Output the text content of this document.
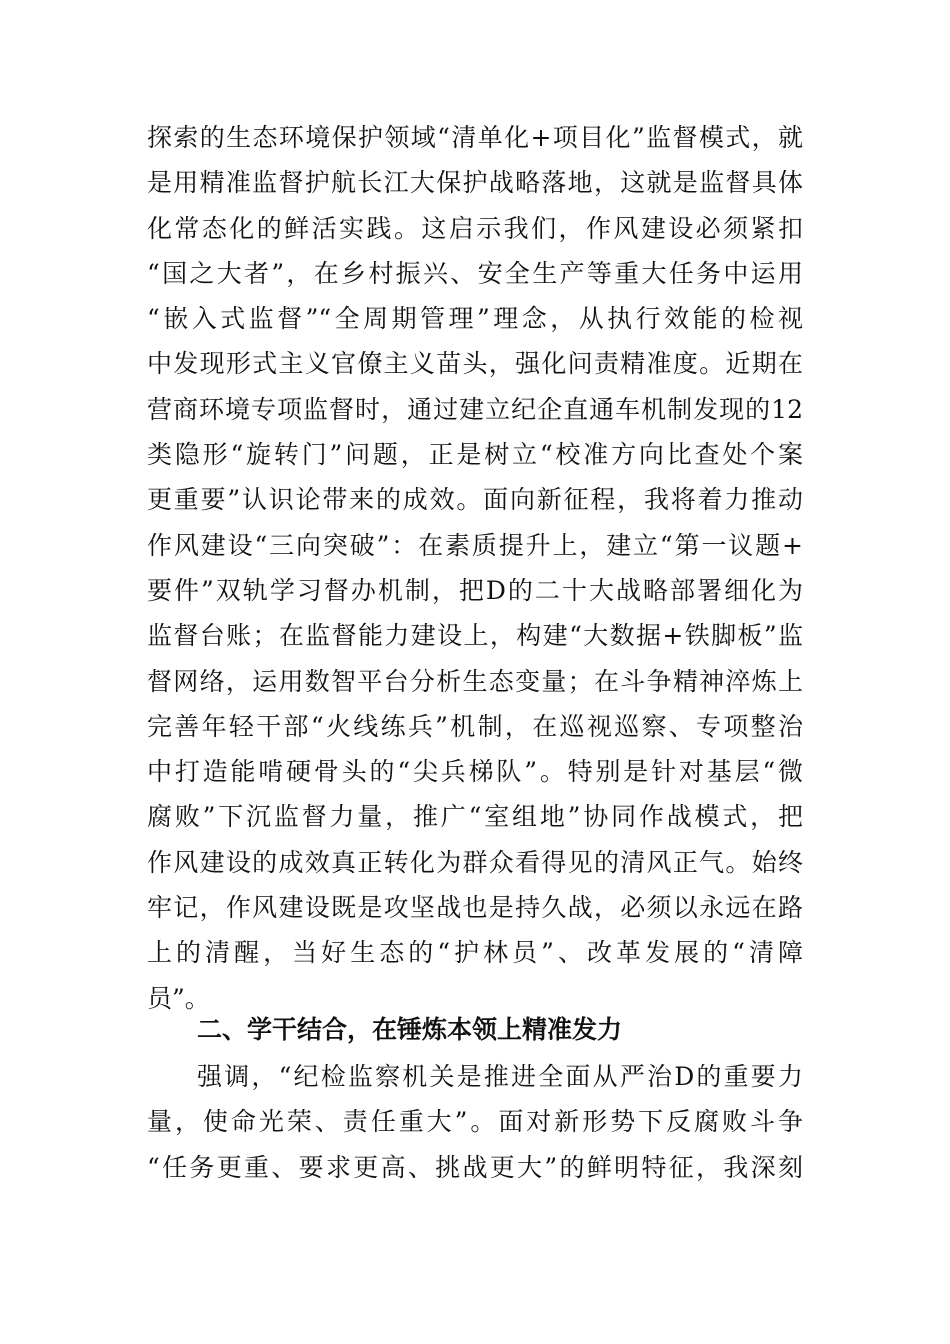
探索的生态环境保护领域“清单化+项目化”监督模式，就
是用精准监督护航长江大保护战略落地，这就是监督具体
化常态化的鲜活实践。这启示我们，作风建设必须紧扣
“国之大者”，在乡村振兴、安全生产等重大任务中运用
“嵌入式监督”“全周期管理”理念，从执行效能的检视
中发现形式主义官僚主义苗头，强化问责精准度。近期在
营商环境专项监督时，通过建立纪企直通车机制发现的12
类隐形“旋转门”问题，正是树立“校准方向比查处个案
更重要”认识论带来的成效。面向新征程，我将着力推动
作风建设“三向突破”：在素质提升上，建立“第一议题+
要件”双轨学习督办机制，把D的二十大战略部署细化为
监督台账；在监督能力建设上，构建“大数据+铁脚板”监
督网络，运用数智平台分析生态变量；在斗争精神淬炼上
完善年轻干部“火线练兵”机制，在巡视巡察、专项整治
中打造能啃硬骨头的“尖兵梯队”。特别是针对基层“微
腐败”下沉监督力量，推广“室组地”协同作战模式，把
作风建设的成效真正转化为群众看得见的清风正气。始终
牢记，作风建设既是攻坚战也是持久战，必须以永远在路
上的清醒，当好生态的“护林员”、改革发展的“清障
员”。
二、学干结合，在锤炼本领上精准发力
强调，“纪检监察机关是推进全面从严治D的重要力
量，使命光荣、责任重大”。面对新形势下反腐败斗争
“任务更重、要求更高、挑战更大”的鲜明特征，我深刻
